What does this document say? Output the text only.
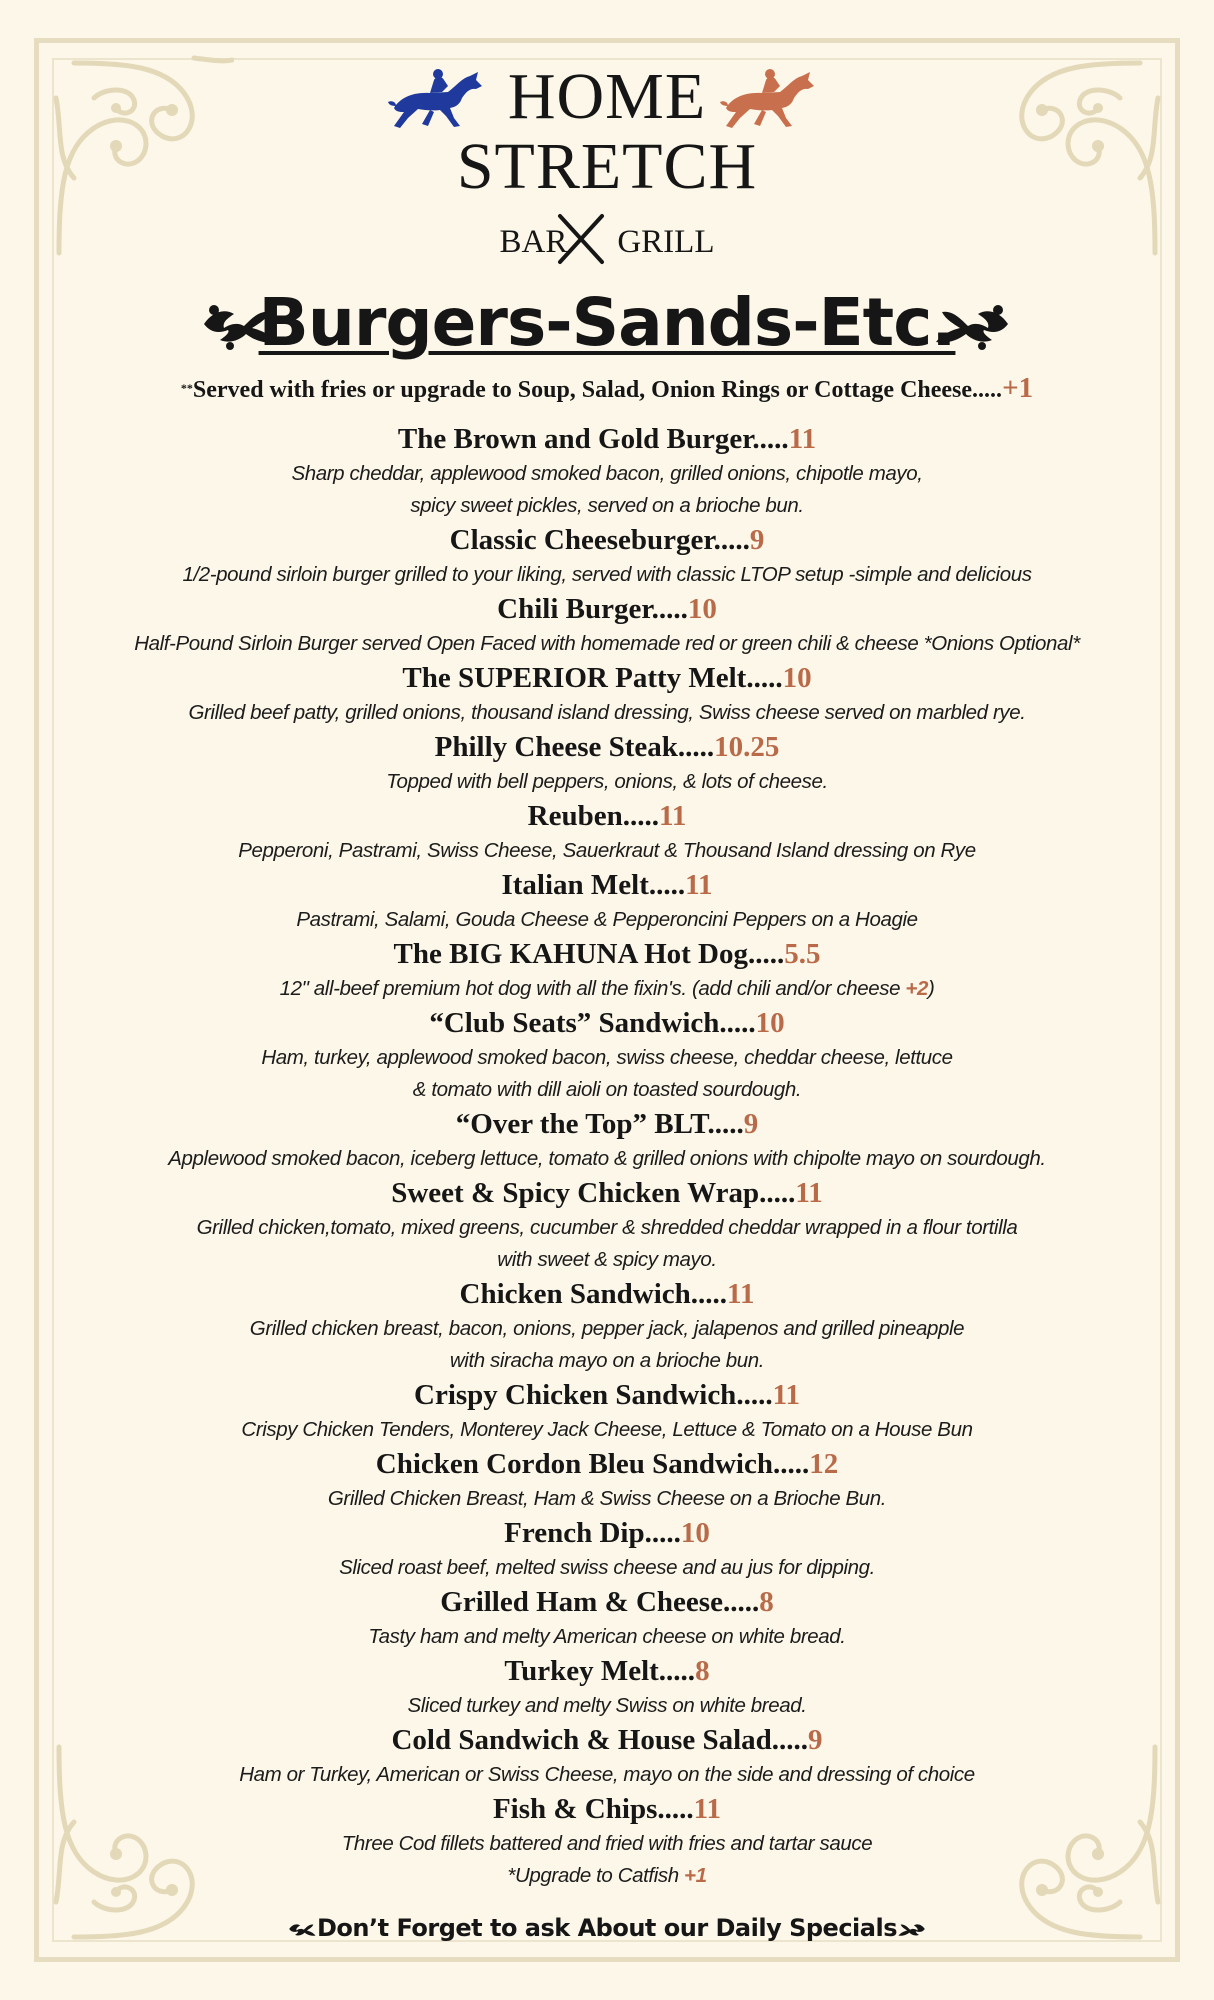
HOME
STRETCH
BAR GRILL
Burgers-Sands-Etc.
**Served with fries or upgrade to Soup, Salad, Onion Rings or Cottage Cheese.....+1
The Brown and Gold Burger.....11
Sharp cheddar, applewood smoked bacon, grilled onions, chipotle mayo,
spicy sweet pickles, served on a brioche bun.
Classic Cheeseburger.....9
1/2-pound sirloin burger grilled to your liking, served with classic LTOP setup -simple and delicious
Chili Burger.....10
Half-Pound Sirloin Burger served Open Faced with homemade red or green chili & cheese *Onions Optional*
The SUPERIOR Patty Melt.....10
Grilled beef patty, grilled onions, thousand island dressing, Swiss cheese served on marbled rye.
Philly Cheese Steak.....10.25
Topped with bell peppers, onions, & lots of cheese.
Reuben.....11
Pepperoni, Pastrami, Swiss Cheese, Sauerkraut & Thousand Island dressing on Rye
Italian Melt.....11
Pastrami, Salami, Gouda Cheese & Pepperoncini Peppers on a Hoagie
The BIG KAHUNA Hot Dog.....5.5
12" all-beef premium hot dog with all the fixin's. (add chili and/or cheese +2)
“Club Seats” Sandwich.....10
Ham, turkey, applewood smoked bacon, swiss cheese, cheddar cheese, lettuce
& tomato with dill aioli on toasted sourdough.
“Over the Top” BLT.....9
Applewood smoked bacon, iceberg lettuce, tomato & grilled onions with chipolte mayo on sourdough.
Sweet & Spicy Chicken Wrap.....11
Grilled chicken,tomato, mixed greens, cucumber & shredded cheddar wrapped in a flour tortilla
with sweet & spicy mayo.
Chicken Sandwich.....11
Grilled chicken breast, bacon, onions, pepper jack, jalapenos and grilled pineapple
with siracha mayo on a brioche bun.
Crispy Chicken Sandwich.....11
Crispy Chicken Tenders, Monterey Jack Cheese, Lettuce & Tomato on a House Bun
Chicken Cordon Bleu Sandwich.....12
Grilled Chicken Breast, Ham & Swiss Cheese on a Brioche Bun.
French Dip.....10
Sliced roast beef, melted swiss cheese and au jus for dipping.
Grilled Ham & Cheese.....8
Tasty ham and melty American cheese on white bread.
Turkey Melt.....8
Sliced turkey and melty Swiss on white bread.
Cold Sandwich & House Salad.....9
Ham or Turkey, American or Swiss Cheese, mayo on the side and dressing of choice
Fish & Chips.....11
Three Cod fillets battered and fried with fries and tartar sauce
*Upgrade to Catfish +1
Don’t Forget to ask About our Daily Specials
